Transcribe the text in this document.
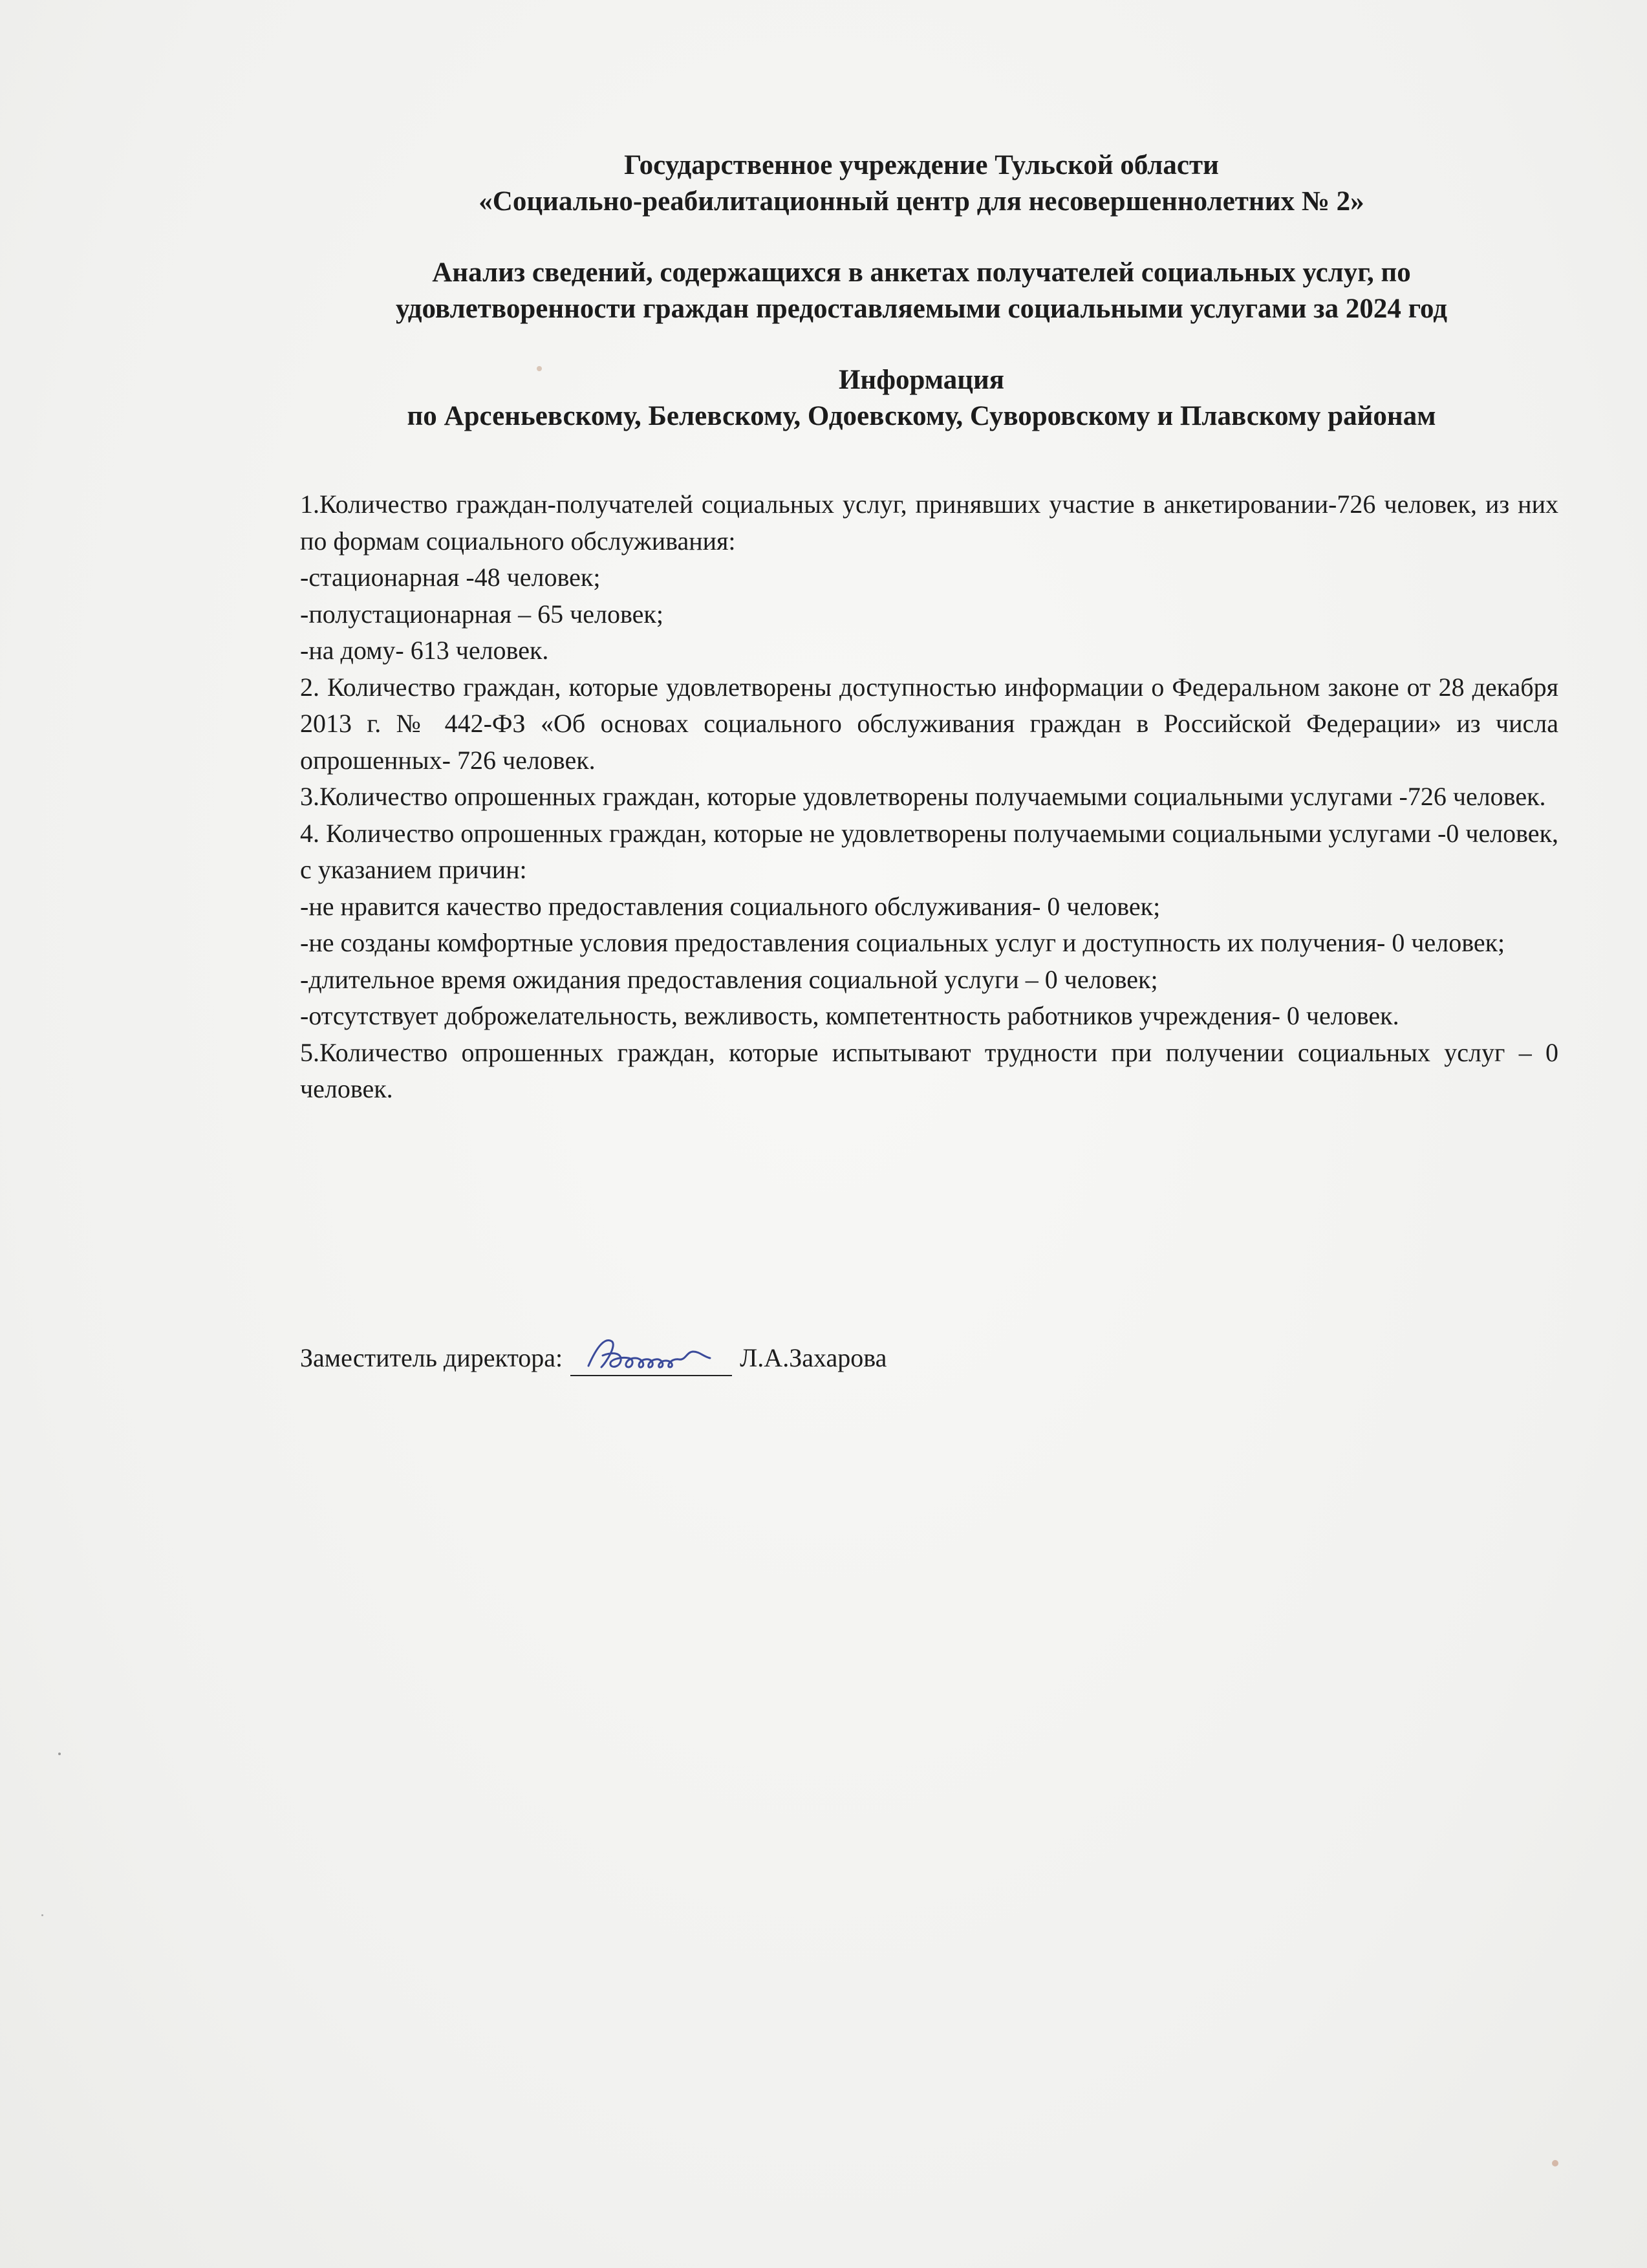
Государственное учреждение Тульской области
«Социально-реабилитационный центр для несовершеннолетних № 2»
Анализ сведений, содержащихся в анкетах получателей социальных услуг, по
удовлетворенности граждан предоставляемыми социальными услугами за 2024 год
Информация
по Арсеньевскому, Белевскому, Одоевскому, Суворовскому и Плавскому районам

1.Количество граждан-получателей социальных услуг, принявших участие в анкетировании-726 человек, из них по формам социального обслуживания:

-стационарная -48 человек;

-полустационарная – 65 человек;

-на дому- 613 человек.

2. Количество граждан, которые удовлетворены доступностью информации о Федеральном законе от 28 декабря 2013 г. № 442-ФЗ «Об основах социального обслуживания граждан в Российской Федерации» из числа опрошенных- 726 человек.

3.Количество опрошенных граждан, которые удовлетворены получаемыми социальными услугами -726 человек.

4. Количество опрошенных граждан, которые не удовлетворены получаемыми социальными услугами -0 человек, с указанием причин:

-не нравится качество предоставления социального обслуживания- 0 человек;

-не созданы комфортные условия предоставления социальных услуг и доступность их получения- 0 человек;

-длительное время ожидания предоставления социальной услуги – 0 человек;

-отсутствует доброжелательность, вежливость, компетентность работников учреждения- 0 человек.

5.Количество опрошенных граждан, которые испытывают трудности при получении социальных услуг – 0 человек.

Заместитель директора:	Л.А.Захарова
